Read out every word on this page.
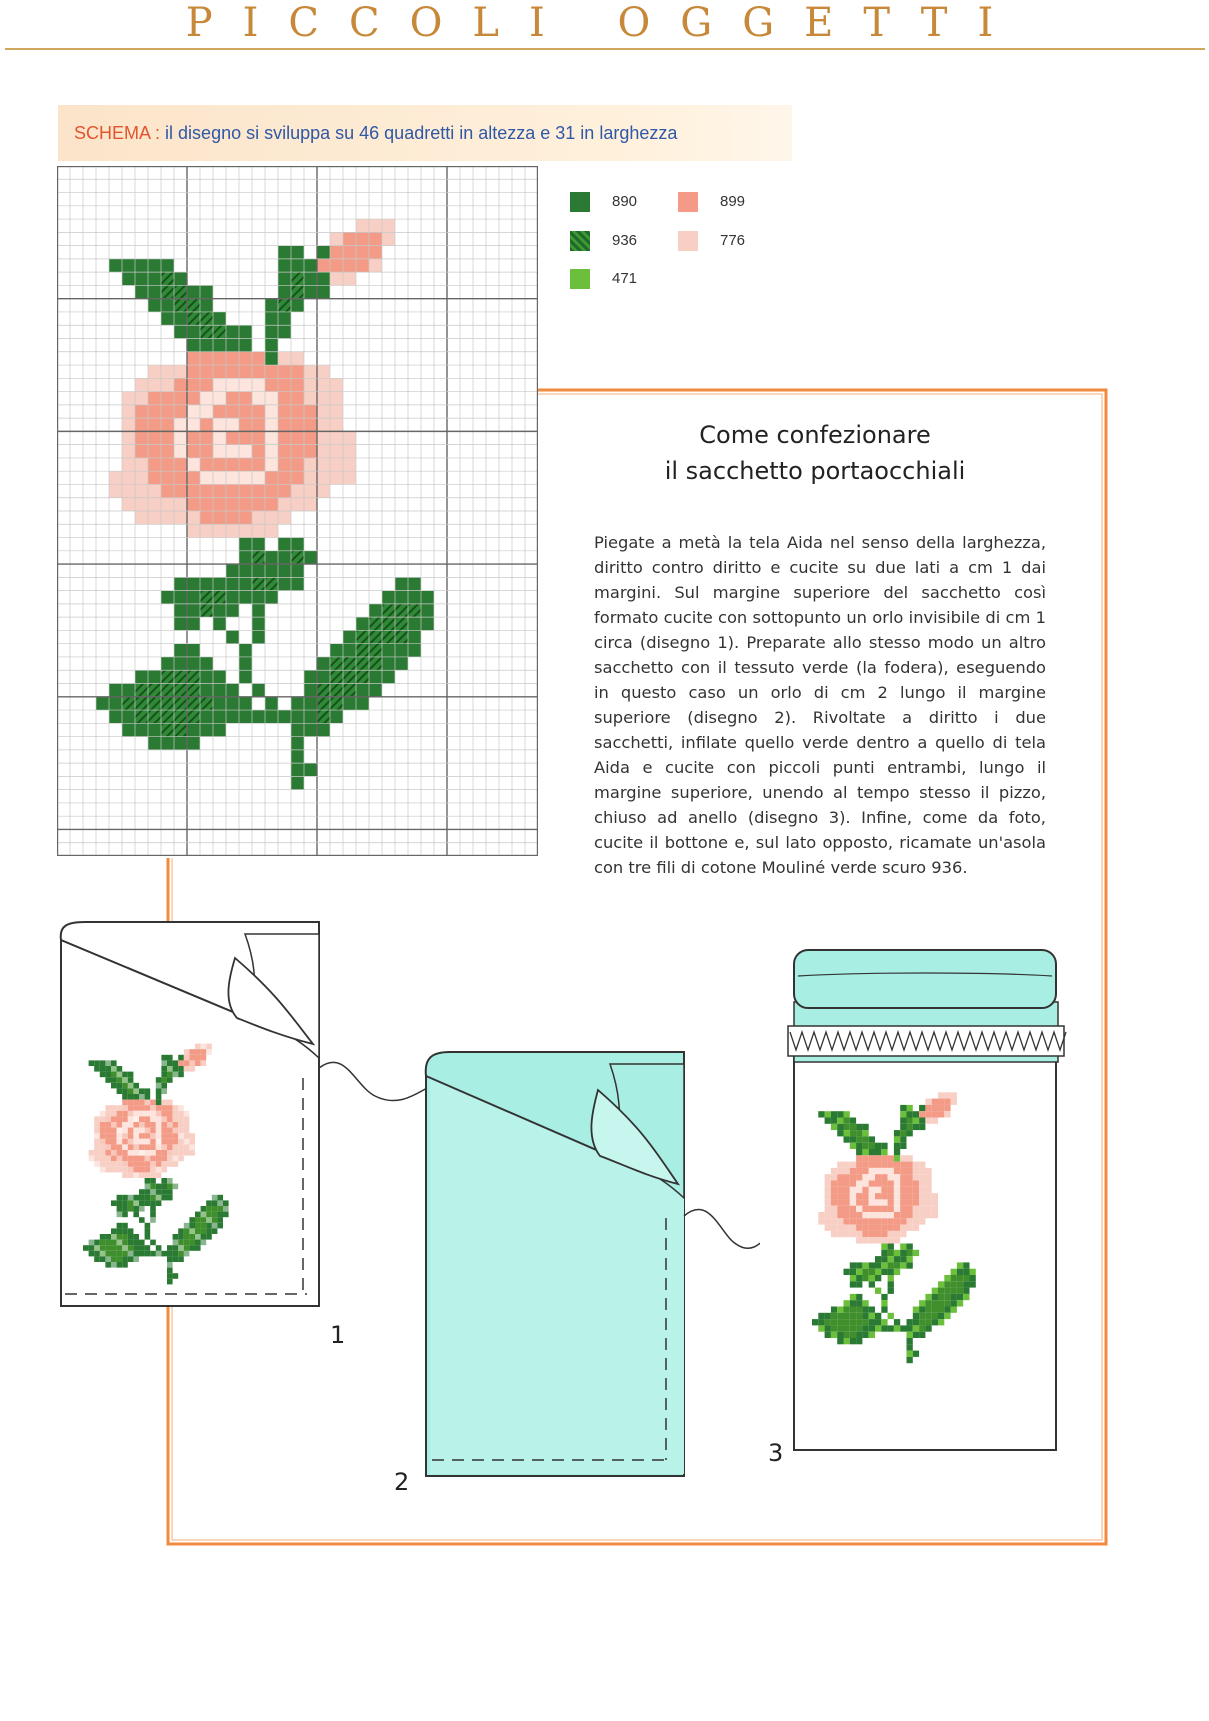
PICCOLI OGGETTI
SCHEMA : il disegno si sviluppa su 46 quadretti in altezza e 31 in larghezza
890	899
936	776
471
Come confezionare
il sacchetto portaocchiali

Piegate a metà la tela Aida nel senso della larghezza, diritto contro diritto e cucite su due lati a cm 1 dai margini. Sul margine superiore del sacchetto così formato cucite con sottopunto un orlo invisibile di cm 1 circa (disegno 1). Preparate allo stesso modo un altro sacchetto con il tessuto verde (la fodera), eseguendo in questo caso un orlo di cm 2 lungo il margine superiore (disegno 2). Rivoltate a diritto i due sacchetti, infilate quello verde dentro a quello di tela Aida e cucite con piccoli punti entrambi, lungo il margine superiore, unendo al tempo stesso il pizzo, chiuso ad anello (disegno 3). Infine, come da foto, cucite il bottone e, sul lato opposto, ricamate un'asola con tre fili di cotone Mouliné verde scuro 936.

1
2
3
